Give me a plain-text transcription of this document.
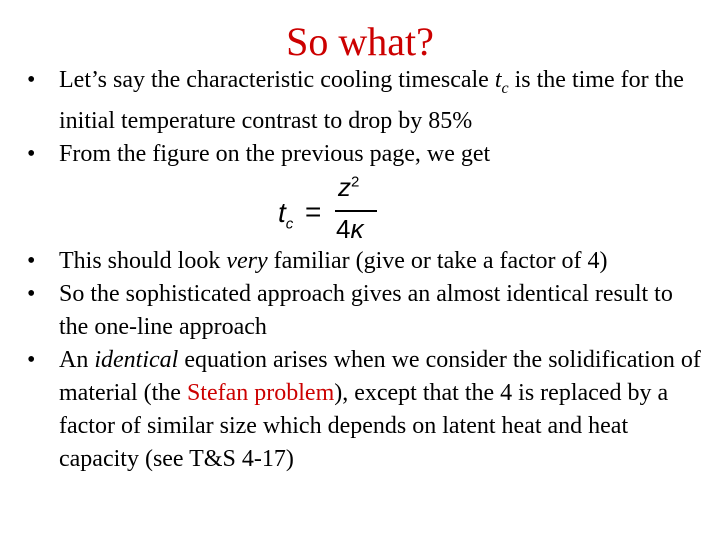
So what?
• Let’s say the characteristic cooling timescale $t_c$ is the time for the initial temperature contrast to drop by 85%
• From the figure on the previous page, we get
$t_c$ =
$z^2$
4κ
• This should look very familiar (give or take a factor of 4)
• So the sophisticated approach gives an almost identical result to the one-line approach
• An identical equation arises when we consider the solidification of material (the Stefan problem), except that the 4 is replaced by a factor of similar size which depends on latent heat and heat capacity (see T&S 4-17)
